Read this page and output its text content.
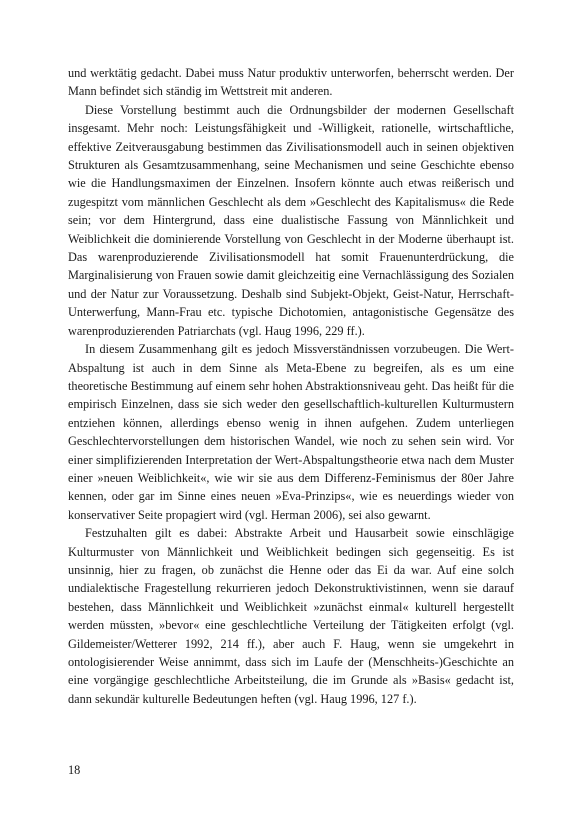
und werktätig gedacht. Dabei muss Natur produktiv unterworfen, beherrscht werden. Der Mann befindet sich ständig im Wettstreit mit anderen.

Diese Vorstellung bestimmt auch die Ordnungsbilder der modernen Gesellschaft insgesamt. Mehr noch: Leistungsfähigkeit und -Willigkeit, rationelle, wirtschaftliche, effektive Zeitverausgabung bestimmen das Zivilisationsmodell auch in seinen objektiven Strukturen als Gesamtzusammenhang, seine Mechanismen und seine Geschichte ebenso wie die Handlungsmaximen der Einzelnen. Insofern könnte auch etwas reißerisch und zugespitzt vom männlichen Geschlecht als dem »Geschlecht des Kapitalismus« die Rede sein; vor dem Hintergrund, dass eine dualistische Fassung von Männlichkeit und Weiblichkeit die dominierende Vorstellung von Geschlecht in der Moderne überhaupt ist. Das warenproduzierende Zivilisationsmodell hat somit Frauenunterdrückung, die Marginalisierung von Frauen sowie damit gleichzeitig eine Vernachlässigung des Sozialen und der Natur zur Voraussetzung. Deshalb sind Subjekt-Objekt, Geist-Natur, Herrschaft-Unterwerfung, Mann-Frau etc. typische Dichotomien, antagonistische Gegensätze des warenproduzierenden Patriarchats (vgl. Haug 1996, 229 ff.).

In diesem Zusammenhang gilt es jedoch Missverständnissen vorzubeugen. Die Wert-Abspaltung ist auch in dem Sinne als Meta-Ebene zu begreifen, als es um eine theoretische Bestimmung auf einem sehr hohen Abstraktionsniveau geht. Das heißt für die empirisch Einzelnen, dass sie sich weder den gesellschaftlich-kulturellen Kulturmustern entziehen können, allerdings ebenso wenig in ihnen aufgehen. Zudem unterliegen Geschlechtervorstellungen dem historischen Wandel, wie noch zu sehen sein wird. Vor einer simplifizierenden Interpretation der Wert-Abspaltungstheorie etwa nach dem Muster einer »neuen Weiblichkeit«, wie wir sie aus dem Differenz-Feminismus der 80er Jahre kennen, oder gar im Sinne eines neuen »Eva-Prinzips«, wie es neuerdings wieder von konservativer Seite propagiert wird (vgl. Herman 2006), sei also gewarnt.

Festzuhalten gilt es dabei: Abstrakte Arbeit und Hausarbeit sowie einschlägige Kulturmuster von Männlichkeit und Weiblichkeit bedingen sich gegenseitig. Es ist unsinnig, hier zu fragen, ob zunächst die Henne oder das Ei da war. Auf eine solch undialektische Fragestellung rekurrieren jedoch Dekonstruktivistinnen, wenn sie darauf bestehen, dass Männlichkeit und Weiblichkeit »zunächst einmal« kulturell hergestellt werden müssten, »bevor« eine geschlechtliche Verteilung der Tätigkeiten erfolgt (vgl. Gildemeister/Wetterer 1992, 214 ff.), aber auch F. Haug, wenn sie umgekehrt in ontologisierender Weise annimmt, dass sich im Laufe der (Menschheits-)Geschichte an eine vorgängige geschlechtliche Arbeitsteilung, die im Grunde als »Basis« gedacht ist, dann sekundär kulturelle Bedeutungen heften (vgl. Haug 1996, 127 f.).

18
